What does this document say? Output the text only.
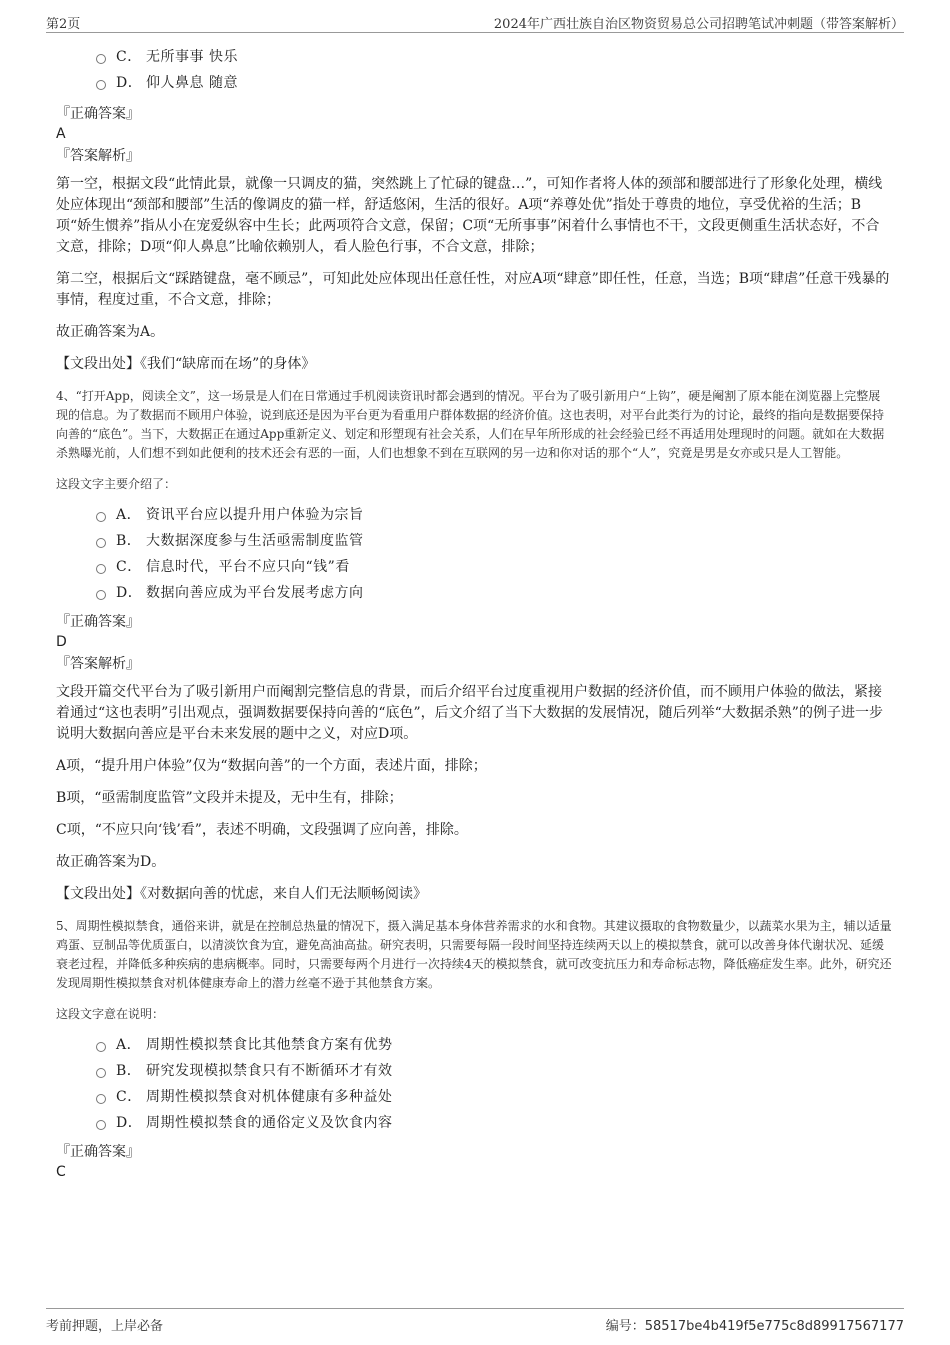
第2页	2024年广西壮族自治区物资贸易总公司招聘笔试冲刺题（带答案解析）
C． 无所事事 快乐
D． 仰人鼻息 随意
『正确答案』
A
『答案解析』

第一空，根据文段“此情此景，就像一只调皮的猫，突然跳上了忙碌的键盘…”，可知作者将人体的颈部和腰部进行了形象化处理，横线处应体现出“颈部和腰部”生活的像调皮的猫一样，舒适悠闲，生活的很好。A项“养尊处优”指处于尊贵的地位，享受优裕的生活；B项“娇生惯养”指从小在宠爱纵容中生长；此两项符合文意，保留；C项“无所事事”闲着什么事情也不干，文段更侧重生活状态好，不合文意，排除；D项“仰人鼻息”比喻依赖别人，看人脸色行事，不合文意，排除；

第二空，根据后文“踩踏键盘，毫不顾忌”，可知此处应体现出任意任性，对应A项“肆意”即任性，任意，当选；B项“肆虐”任意干残暴的事情，程度过重，不合文意，排除；

故正确答案为A。

【文段出处】《我们“缺席而在场”的身体》

4、“打开App，阅读全文”，这一场景是人们在日常通过手机阅读资讯时都会遇到的情况。平台为了吸引新用户“上钩”，硬是阉割了原本能在浏览器上完整展现的信息。为了数据而不顾用户体验，说到底还是因为平台更为看重用户群体数据的经济价值。这也表明，对平台此类行为的讨论，最终的指向是数据要保持向善的“底色”。当下，大数据正在通过App重新定义、划定和形塑现有社会关系，人们在早年所形成的社会经验已经不再适用处理现时的问题。就如在大数据杀熟曝光前，人们想不到如此便利的技术还会有恶的一面，人们也想象不到在互联网的另一边和你对话的那个“人”，究竟是男是女亦或只是人工智能。

这段文字主要介绍了：

A． 资讯平台应以提升用户体验为宗旨
B． 大数据深度参与生活亟需制度监管
C． 信息时代，平台不应只向“钱”看
D． 数据向善应成为平台发展考虑方向
『正确答案』
D
『答案解析』

文段开篇交代平台为了吸引新用户而阉割完整信息的背景，而后介绍平台过度重视用户数据的经济价值，而不顾用户体验的做法，紧接着通过“这也表明”引出观点，强调数据要保持向善的“底色”，后文介绍了当下大数据的发展情况，随后列举“大数据杀熟”的例子进一步说明大数据向善应是平台未来发展的题中之义，对应D项。

A项，“提升用户体验”仅为“数据向善”的一个方面，表述片面，排除；

B项，“亟需制度监管”文段并未提及，无中生有，排除；

C项，“不应只向‘钱’看”，表述不明确，文段强调了应向善，排除。

故正确答案为D。

【文段出处】《对数据向善的忧虑，来自人们无法顺畅阅读》

5、周期性模拟禁食，通俗来讲，就是在控制总热量的情况下，摄入满足基本身体营养需求的水和食物。其建议摄取的食物数量少，以蔬菜水果为主，辅以适量鸡蛋、豆制品等优质蛋白，以清淡饮食为宜，避免高油高盐。研究表明，只需要每隔一段时间坚持连续两天以上的模拟禁食，就可以改善身体代谢状况、延缓衰老过程，并降低多种疾病的患病概率。同时，只需要每两个月进行一次持续4天的模拟禁食，就可改变抗压力和寿命标志物，降低癌症发生率。此外，研究还发现周期性模拟禁食对机体健康寿命上的潜力丝毫不逊于其他禁食方案。

这段文字意在说明：

A． 周期性模拟禁食比其他禁食方案有优势
B． 研究发现模拟禁食只有不断循环才有效
C． 周期性模拟禁食对机体健康有多种益处
D． 周期性模拟禁食的通俗定义及饮食内容
『正确答案』
C
考前押题，上岸必备	编号：58517be4b419f5e775c8d89917567177
